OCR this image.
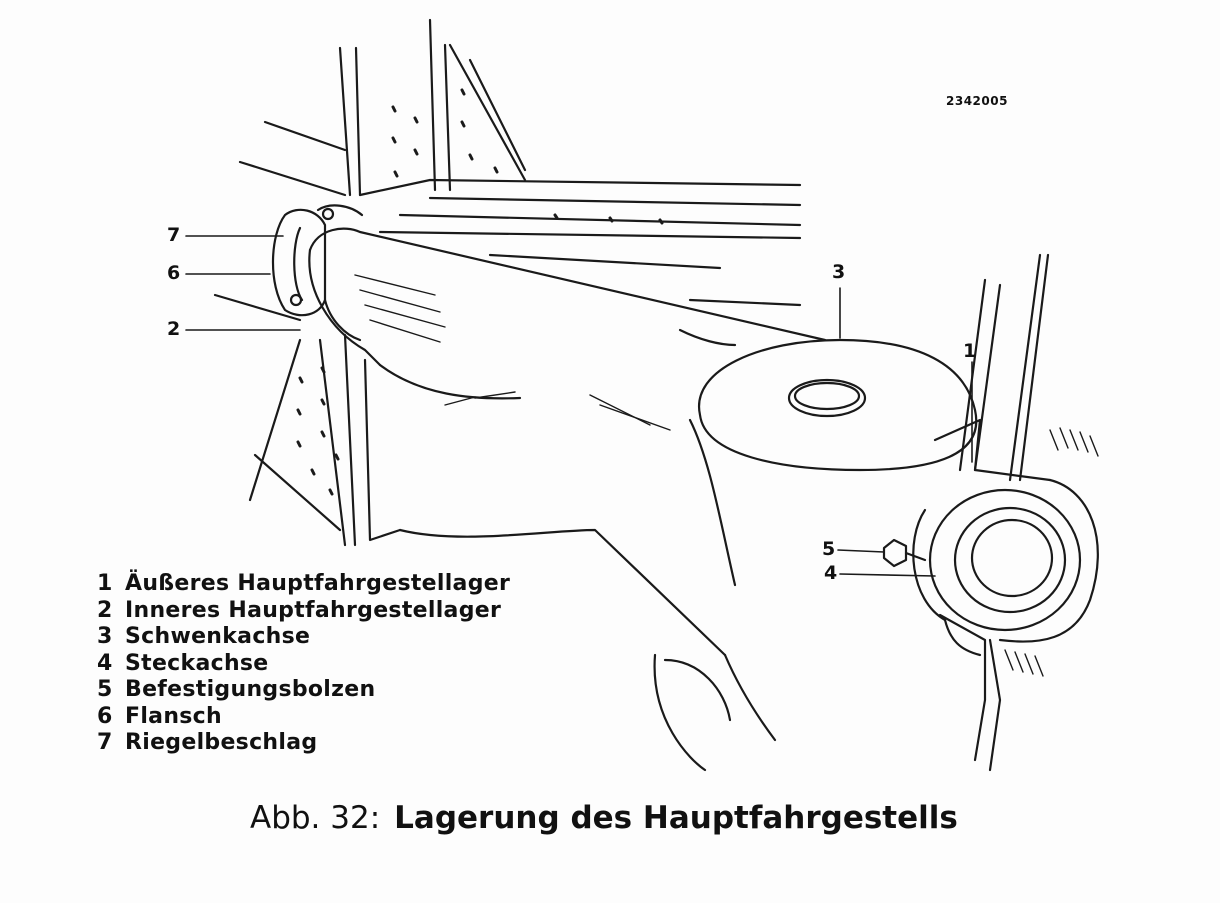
2342005
7
6
2
3
1
5
4
1 Äußeres Hauptfahrgestellager
2 Inneres Hauptfahrgestellager
3 Schwenkachse
4 Steckachse
5 Befestigungsbolzen
6 Flansch
7 Riegelbeschlag
Abb. 32: Lagerung des Hauptfahrgestells
